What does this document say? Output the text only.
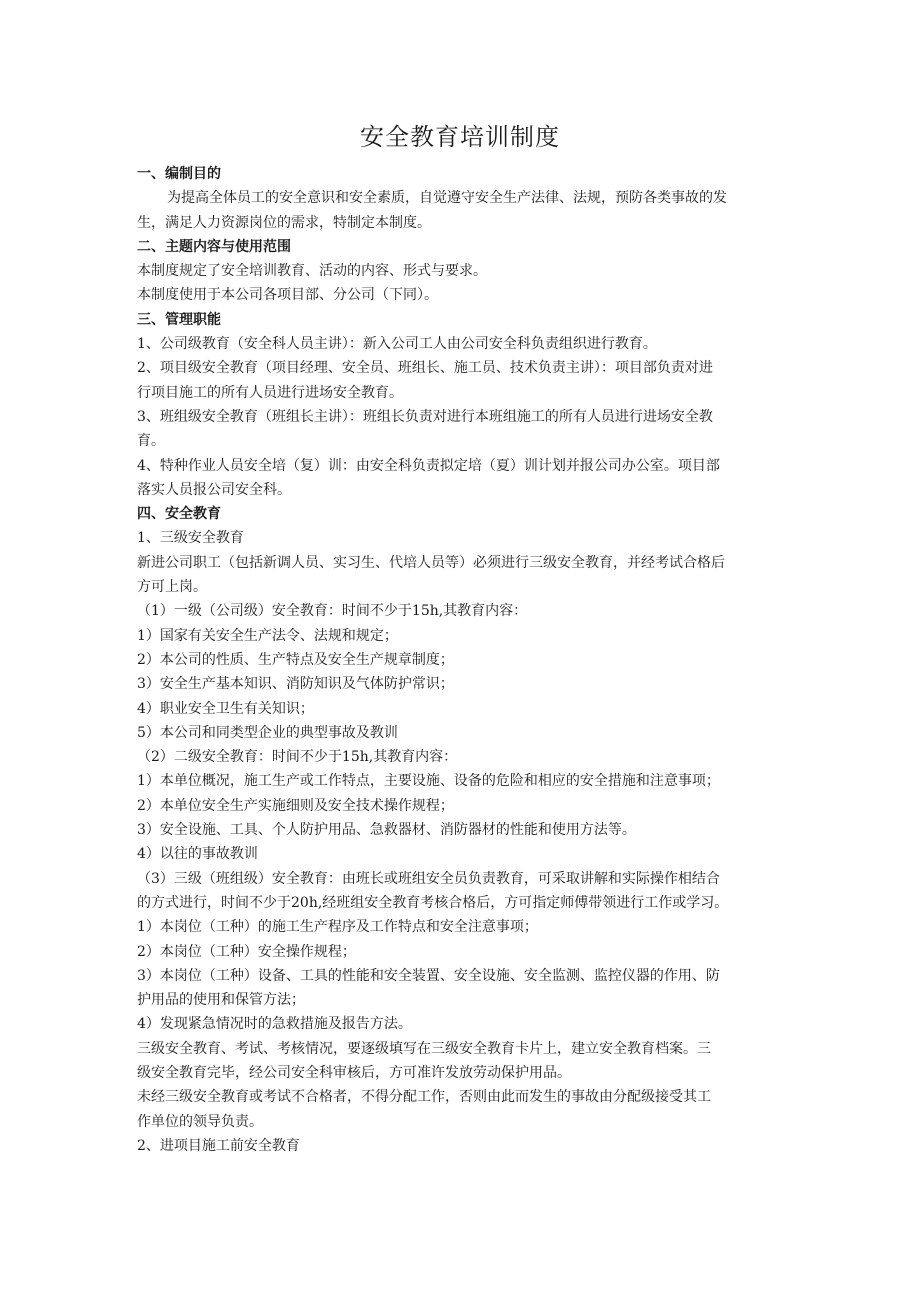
安全教育培训制度
一、编制目的
为提高全体员工的安全意识和安全素质，自觉遵守安全生产法律、法规，预防各类事故的发
生，满足人力资源岗位的需求，特制定本制度。
二、主题内容与使用范围
本制度规定了安全培训教育、活动的内容、形式与要求。
本制度使用于本公司各项目部、分公司（下同）。
三、管理职能
1、公司级教育（安全科人员主讲）：新入公司工人由公司安全科负责组织进行教育。
2、项目级安全教育（项目经理、安全员、班组长、施工员、技术负责主讲）：项目部负责对进
行项目施工的所有人员进行进场安全教育。
3、班组级安全教育（班组长主讲）：班组长负责对进行本班组施工的所有人员进行进场安全教
育。
4、特种作业人员安全培（复）训：由安全科负责拟定培（夏）训计划并报公司办公室。项目部
落实人员报公司安全科。
四、安全教育
1、三级安全教育
新进公司职工（包括新调人员、实习生、代培人员等）必须进行三级安全教育，并经考试合格后
方可上岗。
（1）一级（公司级）安全教育：时间不少于15h,其教育内容：
1）国家有关安全生产法令、法规和规定；
2）本公司的性质、生产特点及安全生产规章制度；
3）安全生产基本知识、消防知识及气体防护常识；
4）职业安全卫生有关知识；
5）本公司和同类型企业的典型事故及教训
（2）二级安全教育：时间不少于15h,其教育内容：
1）本单位概况，施工生产或工作特点，主要设施、设备的危险和相应的安全措施和注意事项；
2）本单位安全生产实施细则及安全技术操作规程；
3）安全设施、工具、个人防护用品、急救器材、消防器材的性能和使用方法等。
4）以往的事故教训
（3）三级（班组级）安全教育：由班长或班组安全员负责教育，可采取讲解和实际操作相结合
的方式进行，时间不少于20h,经班组安全教育考核合格后，方可指定师傅带领进行工作或学习。
1）本岗位（工种）的施工生产程序及工作特点和安全注意事项；
2）本岗位（工种）安全操作规程；
3）本岗位（工种）设备、工具的性能和安全装置、安全设施、安全监测、监控仪器的作用、防
护用品的使用和保管方法；
4）发现紧急情况时的急救措施及报告方法。
三级安全教育、考试、考核情况，要逐级填写在三级安全教育卡片上，建立安全教育档案。三
级安全教育完毕，经公司安全科审核后，方可准许发放劳动保护用品。
未经三级安全教育或考试不合格者，不得分配工作，否则由此而发生的事故由分配级接受其工
作单位的领导负责。
2、进项目施工前安全教育
